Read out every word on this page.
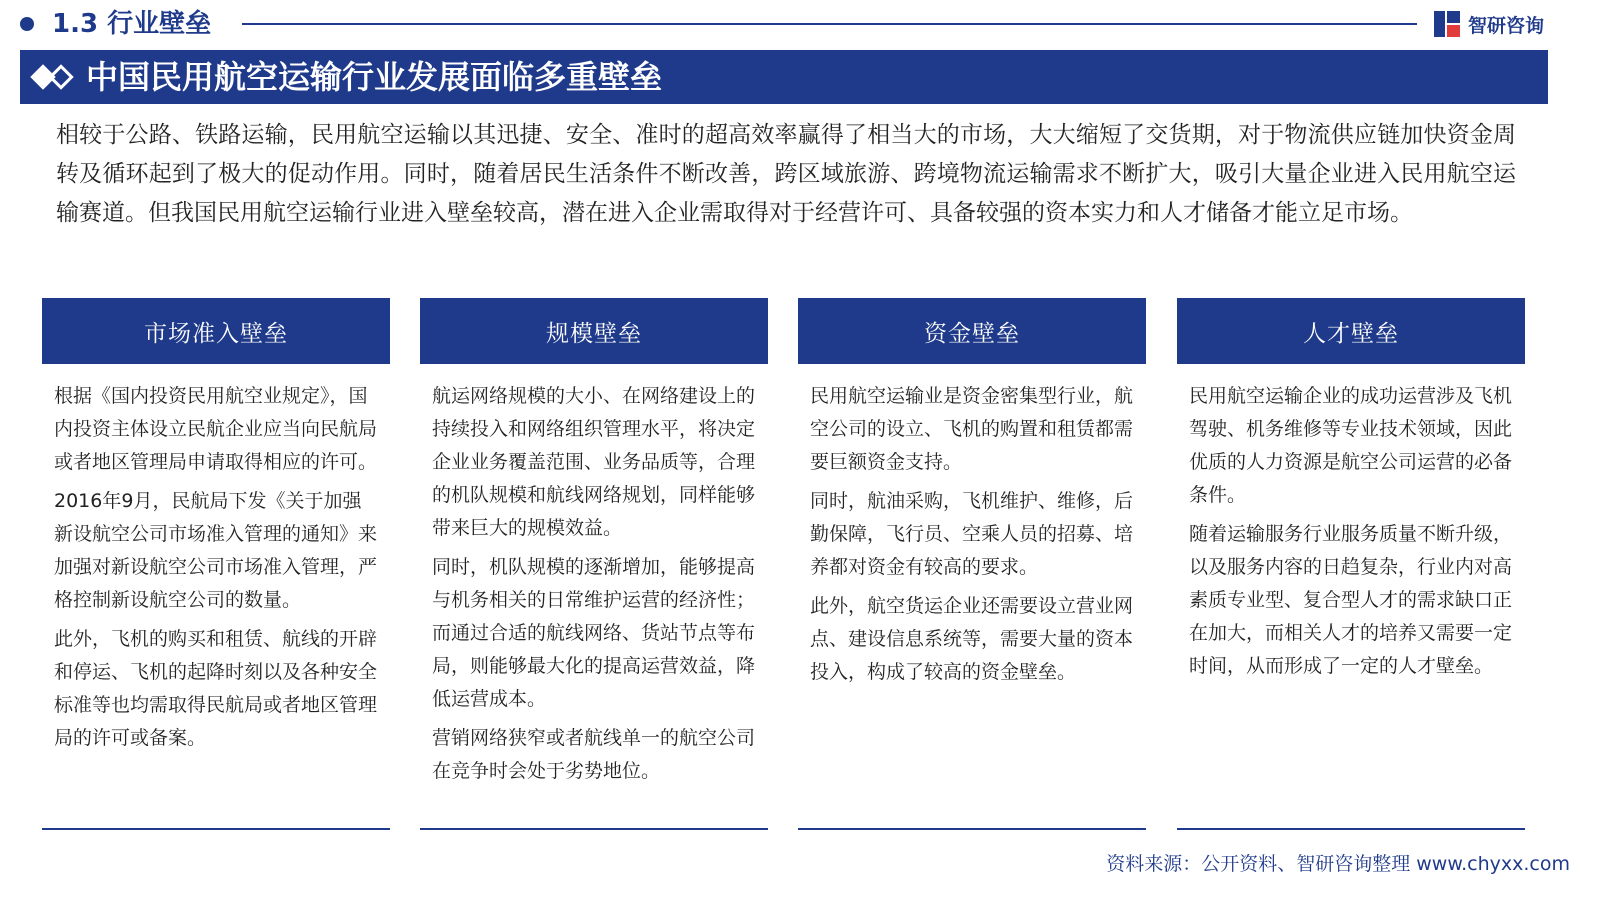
1.3 行业壁垒	智研咨询
中国民用航空运输行业发展面临多重壁垒
相较于公路、铁路运输，民用航空运输以其迅捷、安全、准时的超高效率赢得了相当大的市场，大大缩短了交货期，对于物流供应链加快资金周转及循环起到了极大的促动作用。同时，随着居民生活条件不断改善，跨区域旅游、跨境物流运输需求不断扩大，吸引大量企业进入民用航空运输赛道。但我国民用航空运输行业进入壁垒较高，潜在进入企业需取得对于经营许可、具备较强的资本实力和人才储备才能立足市场。
市场准入壁垒

根据《国内投资民用航空业规定》，国内投资主体设立民航企业应当向民航局或者地区管理局申请取得相应的许可。

2016年9月，民航局下发《关于加强新设航空公司市场准入管理的通知》来加强对新设航空公司市场准入管理，严格控制新设航空公司的数量。

此外，飞机的购买和租赁、航线的开辟和停运、飞机的起降时刻以及各种安全标准等也均需取得民航局或者地区管理局的许可或备案。

规模壁垒

航运网络规模的大小、在网络建设上的持续投入和网络组织管理水平，将决定企业业务覆盖范围、业务品质等，合理的机队规模和航线网络规划，同样能够带来巨大的规模效益。

同时，机队规模的逐渐增加，能够提高与机务相关的日常维护运营的经济性；而通过合适的航线网络、货站节点等布局，则能够最大化的提高运营效益，降低运营成本。

营销网络狭窄或者航线单一的航空公司在竞争时会处于劣势地位。

资金壁垒

民用航空运输业是资金密集型行业，航空公司的设立、飞机的购置和租赁都需要巨额资金支持。

同时，航油采购，飞机维护、维修，后勤保障，飞行员、空乘人员的招募、培养都对资金有较高的要求。

此外，航空货运企业还需要设立营业网点、建设信息系统等，需要大量的资本投入，构成了较高的资金壁垒。

人才壁垒

民用航空运输企业的成功运营涉及飞机驾驶、机务维修等专业技术领域，因此优质的人力资源是航空公司运营的必备条件。

随着运输服务行业服务质量不断升级，以及服务内容的日趋复杂，行业内对高素质专业型、复合型人才的需求缺口正在加大，而相关人才的培养又需要一定时间，从而形成了一定的人才壁垒。

资料来源：公开资料、智研咨询整理 www.chyxx.com
